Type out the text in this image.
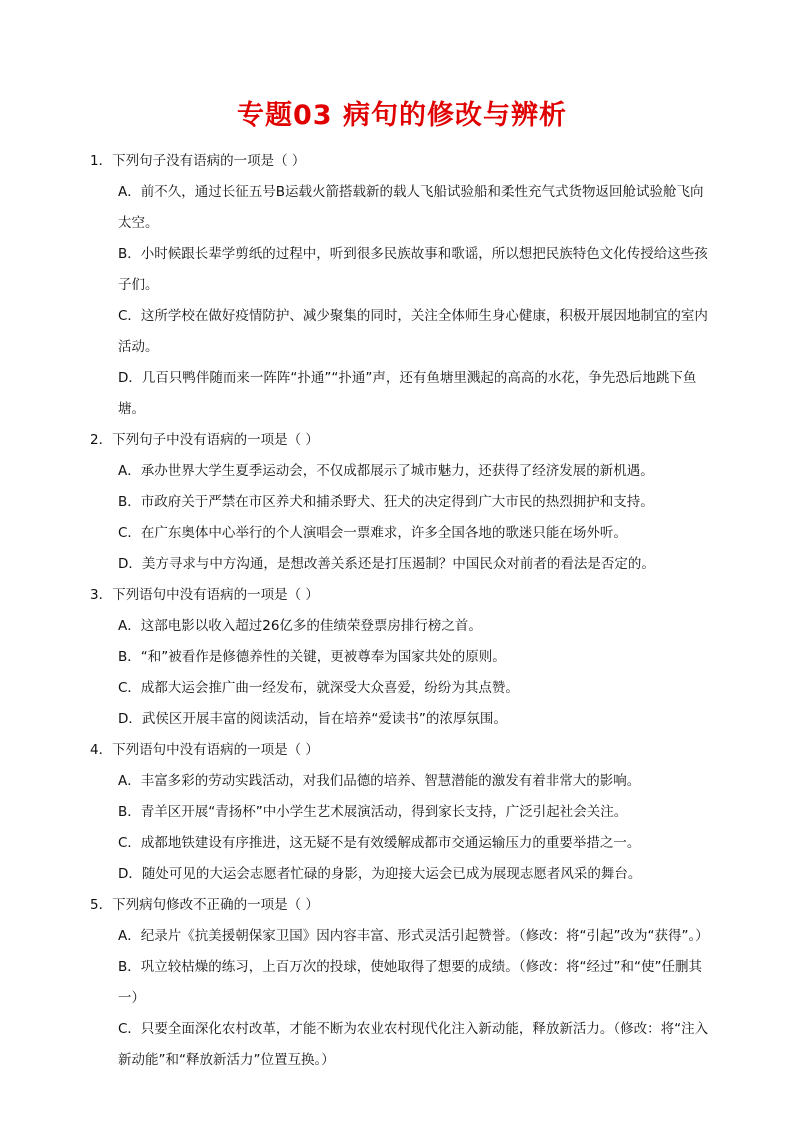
专题03 病句的修改与辨析
1．下列句子没有语病的一项是（ ）

A．前不久，通过长征五号B运载火箭搭载新的载人飞船试验船和柔性充气式货物返回舱试验舱飞向太空。

B．小时候跟长辈学剪纸的过程中，听到很多民族故事和歌谣，所以想把民族特色文化传授给这些孩子们。

C．这所学校在做好疫情防护、减少聚集的同时，关注全体师生身心健康，积极开展因地制宜的室内活动。

D．几百只鸭伴随而来一阵阵“扑通”“扑通”声，还有鱼塘里溅起的高高的水花，争先恐后地跳下鱼塘。

2．下列句子中没有语病的一项是（ ）

A．承办世界大学生夏季运动会，不仅成都展示了城市魅力，还获得了经济发展的新机遇。

B．市政府关于严禁在市区养犬和捕杀野犬、狂犬的决定得到广大市民的热烈拥护和支持。

C．在广东奥体中心举行的个人演唱会一票难求，许多全国各地的歌迷只能在场外听。

D．美方寻求与中方沟通，是想改善关系还是打压遏制？中国民众对前者的看法是否定的。

3．下列语句中没有语病的一项是（ ）

A．这部电影以收入超过26亿多的佳绩荣登票房排行榜之首。

B．“和”被看作是修德养性的关键，更被尊奉为国家共处的原则。

C．成都大运会推广曲一经发布，就深受大众喜爱，纷纷为其点赞。

D．武侯区开展丰富的阅读活动，旨在培养“爱读书”的浓厚氛围。

4．下列语句中没有语病的一项是（ ）

A．丰富多彩的劳动实践活动，对我们品德的培养、智慧潜能的激发有着非常大的影响。

B．青羊区开展“青扬杯”中小学生艺术展演活动，得到家长支持，广泛引起社会关注。

C．成都地铁建设有序推进，这无疑不是有效缓解成都市交通运输压力的重要举措之一。

D．随处可见的大运会志愿者忙碌的身影，为迎接大运会已成为展现志愿者风采的舞台。

5．下列病句修改不正确的一项是（ ）

A．纪录片《抗美援朝保家卫国》因内容丰富、形式灵活引起赞誉。（修改：将“引起”改为“获得”。）

B．巩立较枯燥的练习，上百万次的投球，使她取得了想要的成绩。（修改：将“经过”和“使”任删其一）

C．只要全面深化农村改革，才能不断为农业农村现代化注入新动能，释放新活力。（修改：将“注入新动能”和“释放新活力”位置互换。）
